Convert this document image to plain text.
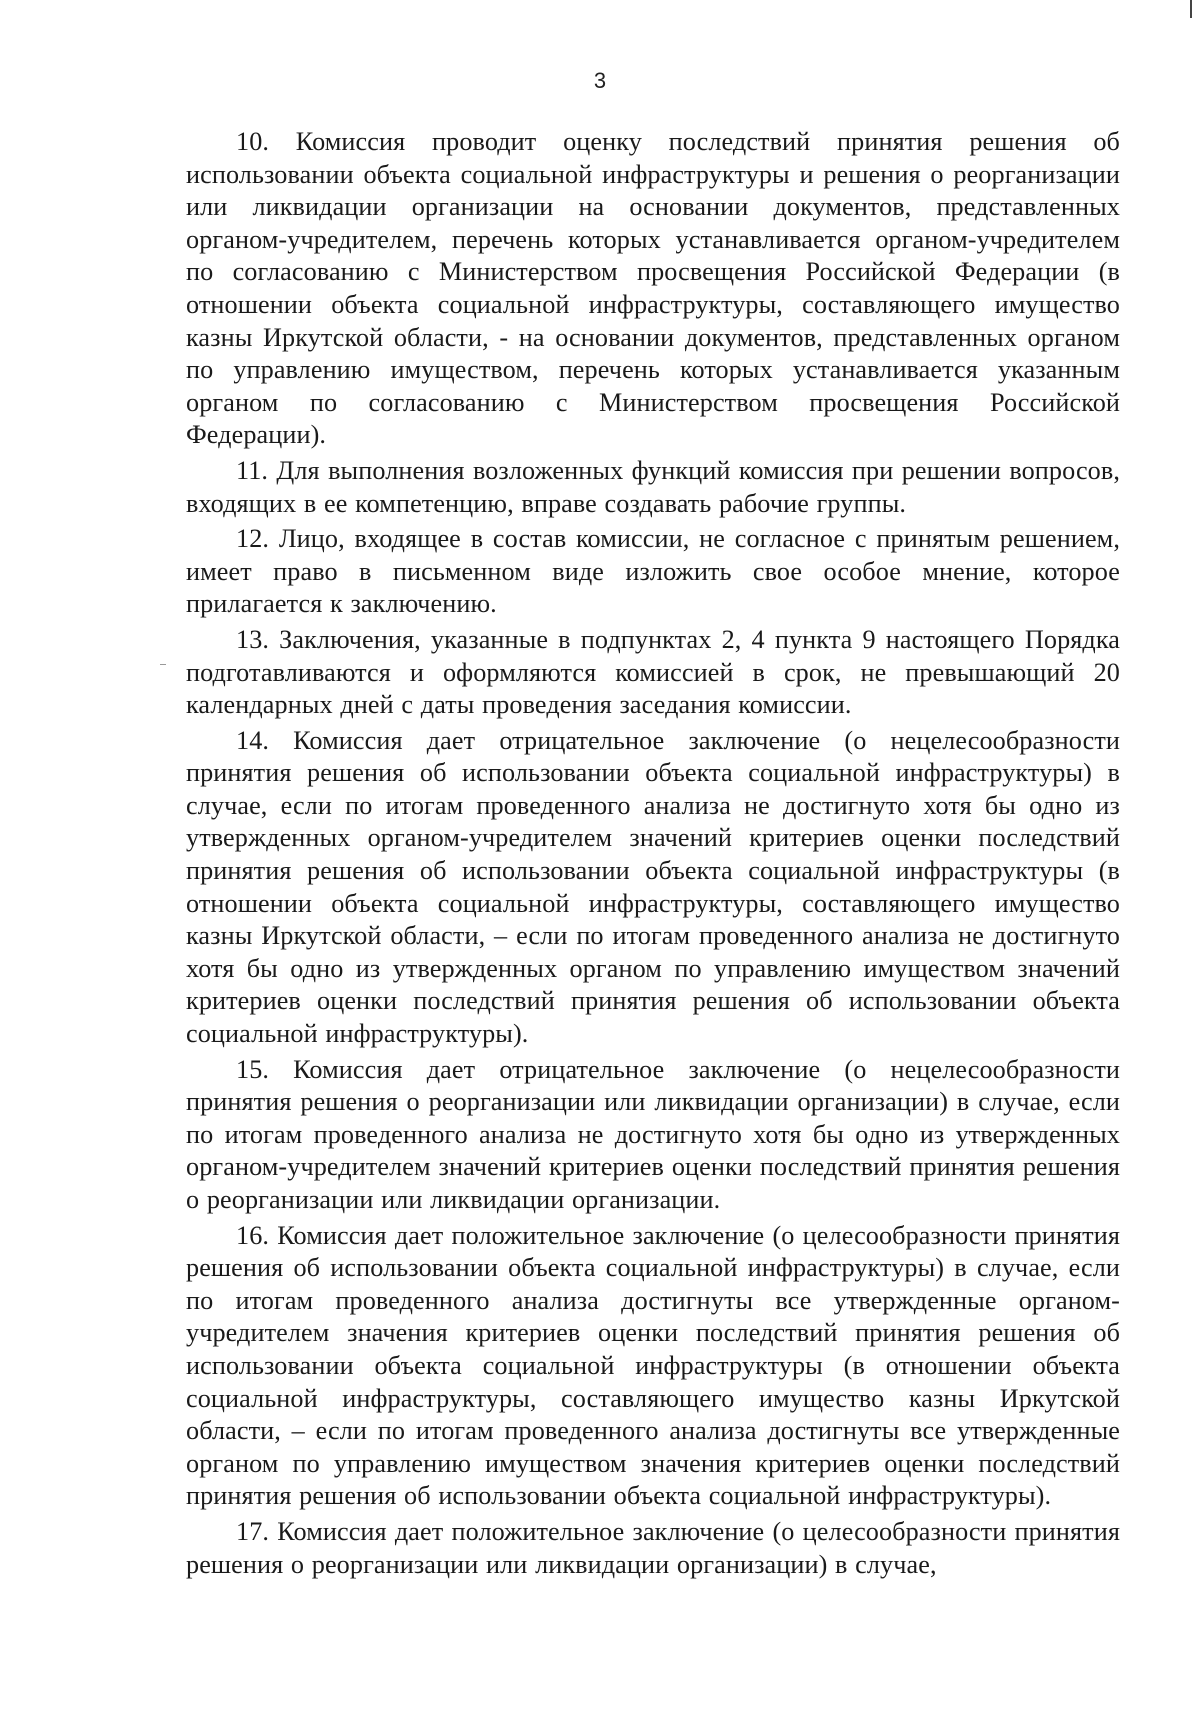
3

10. Комиссия проводит оценку последствий принятия решения об использовании объекта социальной инфраструктуры и решения о реорганизации или ликвидации организации на основании документов, представленных органом-учредителем, перечень которых устанавливается органом-учредителем по согласованию с Министерством просвещения Российской Федерации (в отношении объекта социальной инфраструктуры, составляющего имущество казны Иркутской области, - на основании документов, представленных органом по управлению имуществом, перечень которых устанавливается указанным органом по согласованию с Министерством просвещения Российской Федерации).

11. Для выполнения возложенных функций комиссия при решении вопросов, входящих в ее компетенцию, вправе создавать рабочие группы.

12. Лицо, входящее в состав комиссии, не согласное с принятым решением, имеет право в письменном виде изложить свое особое мнение, которое прилагается к заключению.

13. Заключения, указанные в подпунктах 2, 4 пункта 9 настоящего Порядка подготавливаются и оформляются комиссией в срок, не превышающий 20 календарных дней с даты проведения заседания комиссии.

14. Комиссия дает отрицательное заключение (о нецелесообразности принятия решения об использовании объекта социальной инфраструктуры) в случае, если по итогам проведенного анализа не достигнуто хотя бы одно из утвержденных органом-учредителем значений критериев оценки последствий принятия решения об использовании объекта социальной инфраструктуры (в отношении объекта социальной инфраструктуры, составляющего имущество казны Иркутской области, – если по итогам проведенного анализа не достигнуто хотя бы одно из утвержденных органом по управлению имуществом значений критериев оценки последствий принятия решения об использовании объекта социальной инфраструктуры).

15. Комиссия дает отрицательное заключение (о нецелесообразности принятия решения о реорганизации или ликвидации организации) в случае, если по итогам проведенного анализа не достигнуто хотя бы одно из утвержденных органом-учредителем значений критериев оценки последствий принятия решения о реорганизации или ликвидации организации.

16. Комиссия дает положительное заключение (о целесообразности принятия решения об использовании объекта социальной инфраструктуры) в случае, если по итогам проведенного анализа достигнуты все утвержденные органом-учредителем значения критериев оценки последствий принятия решения об использовании объекта социальной инфраструктуры (в отношении объекта социальной инфраструктуры, составляющего имущество казны Иркутской области, – если по итогам проведенного анализа достигнуты все утвержденные органом по управлению имуществом значения критериев оценки последствий принятия решения об использовании объекта социальной инфраструктуры).

17. Комиссия дает положительное заключение (о целесообразности принятия решения о реорганизации или ликвидации организации) в случае,
